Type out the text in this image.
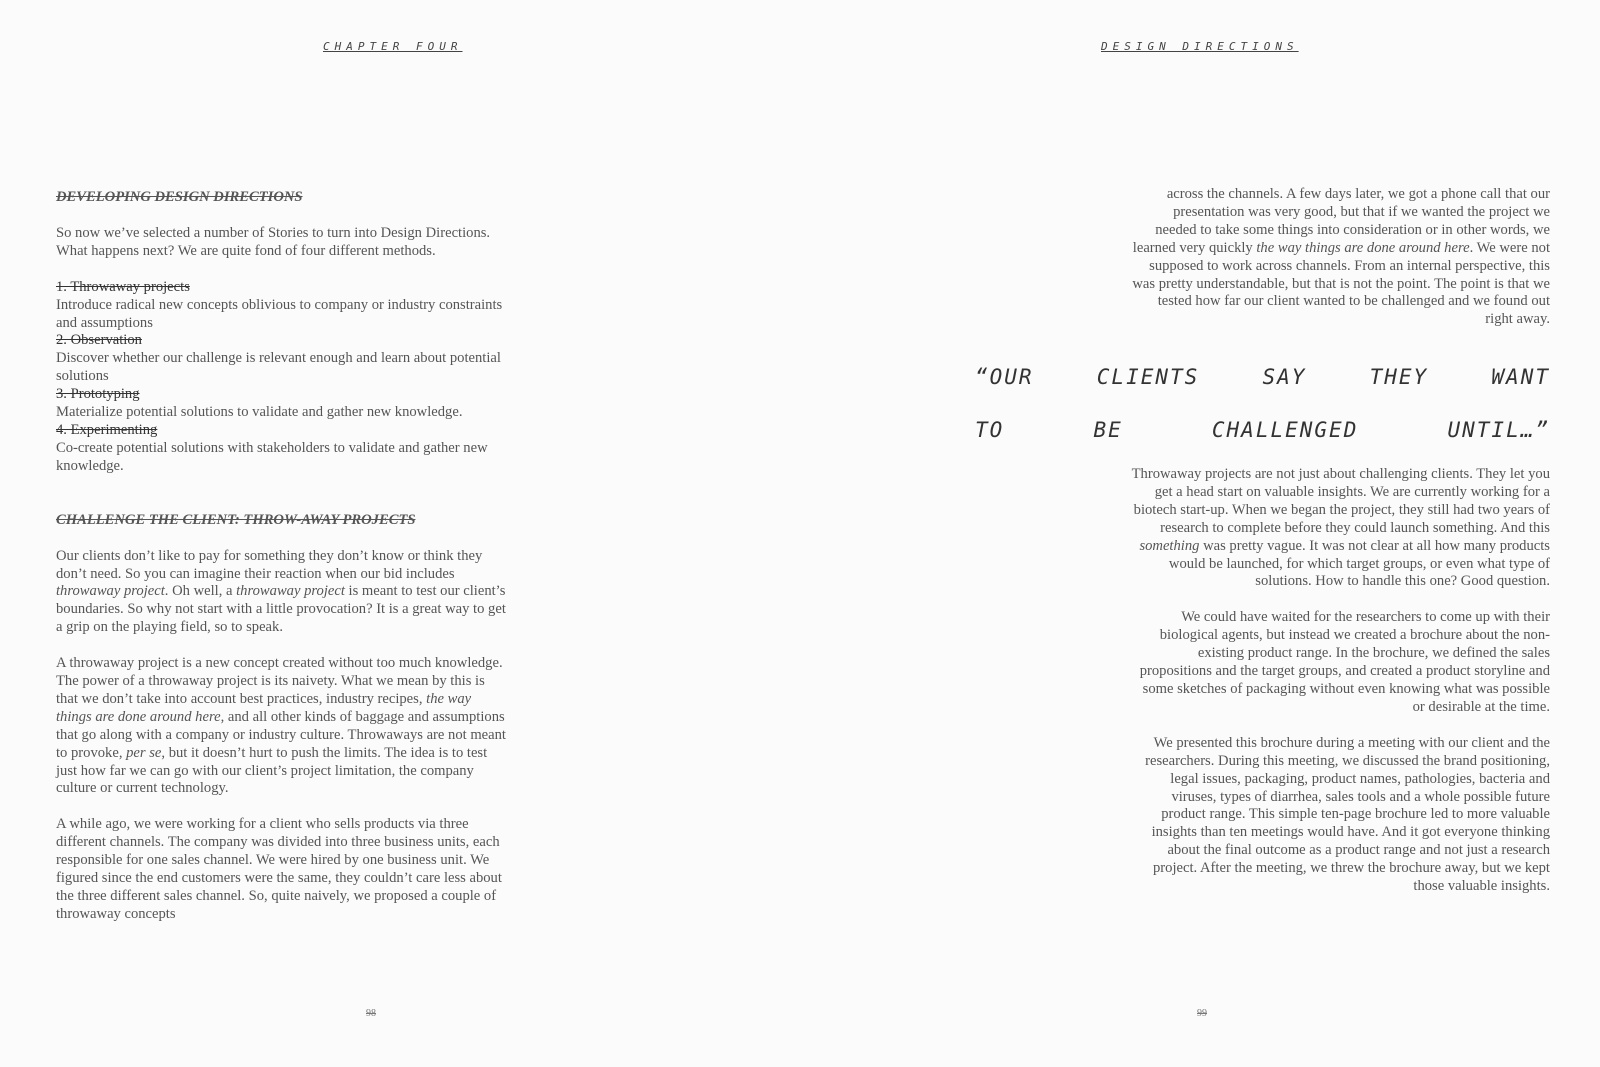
CHAPTER FOUR
DEVELOPING DESIGN DIRECTIONS

So now we’ve selected a number of Stories to turn into Design Directions. What happens next? We are quite fond of four different methods.

1. Throwaway projects
Introduce radical new concepts oblivious to company or industry constraints and assumptions
2. Observation
Discover whether our challenge is relevant enough and learn about potential solutions
3. Prototyping
Materialize potential solutions to validate and gather new knowledge.
4. Experimenting
Co-create potential solutions with stakeholders to validate and gather new knowledge.
CHALLENGE THE CLIENT: THROW-AWAY PROJECTS

Our clients don’t like to pay for something they don’t know or think they don’t need. So you can imagine their reaction when our bid includes throwaway project. Oh well, a throwaway project is meant to test our client’s boundaries. So why not start with a little provocation? It is a great way to get a grip on the playing field, so to speak.

A throwaway project is a new concept created without too much knowledge. The power of a throwaway project is its naivety. What we mean by this is that we don’t take into account best practices, industry recipes, the way things are done around here, and all other kinds of baggage and assumptions that go along with a company or industry culture. Throwaways are not meant to provoke, per se, but it doesn’t hurt to push the limits. The idea is to test just how far we can go with our client’s project limitation, the company culture or current technology.

A while ago, we were working for a client who sells products via three different channels. The company was divided into three business units, each responsible for one sales channel. We were hired by one business unit. We figured since the end customers were the same, they couldn’t care less about the three different sales channel. So, quite naively, we proposed a couple of throwaway concepts

98
DESIGN DIRECTIONS

across the channels. A few days later, we got a phone call that our presentation was very good, but that if we wanted the project we needed to take some things into consideration or in other words, we learned very quickly the way things are done around here. We were not supposed to work across channels. From an internal perspective, this was pretty understandable, but that is not the point. The point is that we tested how far our client wanted to be challenged and we found out right away.

“OUR CLIENTS SAY THEY WANT
TO BE CHALLENGED UNTIL…”

Throwaway projects are not just about challenging clients. They let you get a head start on valuable insights. We are currently working for a biotech start-up. When we began the project, they still had two years of research to complete before they could launch something. And this something was pretty vague. It was not clear at all how many products would be launched, for which target groups, or even what type of solutions. How to handle this one? Good question.

We could have waited for the researchers to come up with their biological agents, but instead we created a brochure about the non-existing product range. In the brochure, we defined the sales propositions and the target groups, and created a product storyline and some sketches of packaging without even knowing what was possible or desirable at the time.

We presented this brochure during a meeting with our client and the researchers. During this meeting, we discussed the brand positioning, legal issues, packaging, product names, pathologies, bacteria and viruses, types of diarrhea, sales tools and a whole possible future product range. This simple ten-page brochure led to more valuable insights than ten meetings would have. And it got everyone thinking about the final outcome as a product range and not just a research project. After the meeting, we threw the brochure away, but we kept those valuable insights.

99
